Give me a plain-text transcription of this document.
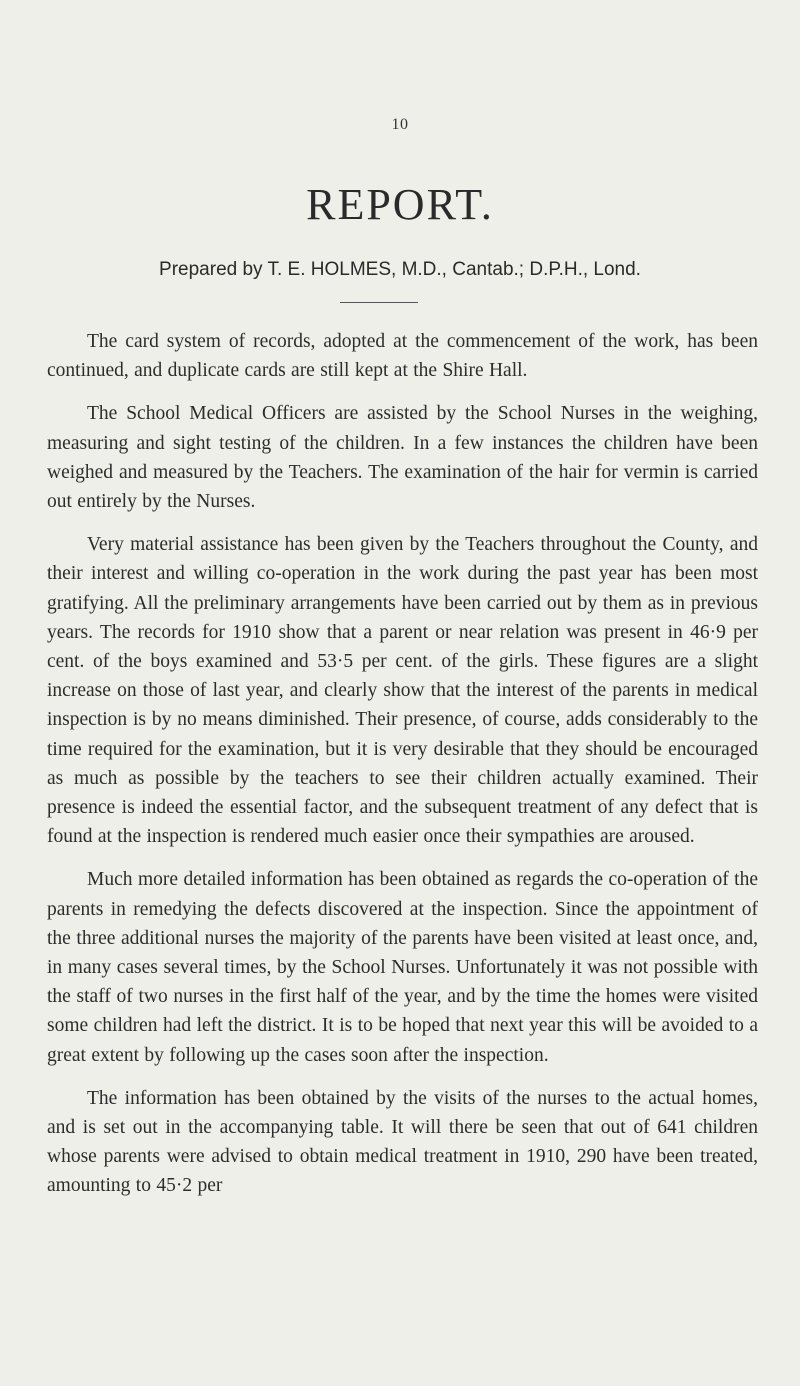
10
REPORT.
Prepared by T. E. HOLMES, M.D., Cantab.; D.P.H., Lond.

The card system of records, adopted at the commencement of the work, has been continued, and duplicate cards are still kept at the Shire Hall.

The School Medical Officers are assisted by the School Nurses in the weighing, measuring and sight testing of the children. In a few instances the children have been weighed and measured by the Teachers. The examination of the hair for vermin is carried out entirely by the Nurses.

Very material assistance has been given by the Teachers throughout the County, and their interest and willing co-operation in the work during the past year has been most gratifying. All the preliminary arrangements have been carried out by them as in previous years. The records for 1910 show that a parent or near relation was present in 46·9 per cent. of the boys examined and 53·5 per cent. of the girls. These figures are a slight increase on those of last year, and clearly show that the interest of the parents in medical inspection is by no means diminished. Their presence, of course, adds considerably to the time required for the examination, but it is very desirable that they should be encouraged as much as possible by the teachers to see their children actually examined. Their presence is indeed the essential factor, and the subsequent treatment of any defect that is found at the inspection is rendered much easier once their sympathies are aroused.

Much more detailed information has been obtained as regards the co-operation of the parents in remedying the defects discovered at the inspection. Since the appointment of the three additional nurses the majority of the parents have been visited at least once, and, in many cases several times, by the School Nurses. Unfortunately it was not possible with the staff of two nurses in the first half of the year, and by the time the homes were visited some children had left the district. It is to be hoped that next year this will be avoided to a great extent by following up the cases soon after the inspection.

The information has been obtained by the visits of the nurses to the actual homes, and is set out in the accompanying table. It will there be seen that out of 641 children whose parents were advised to obtain medical treatment in 1910, 290 have been treated, amounting to 45·2 per
